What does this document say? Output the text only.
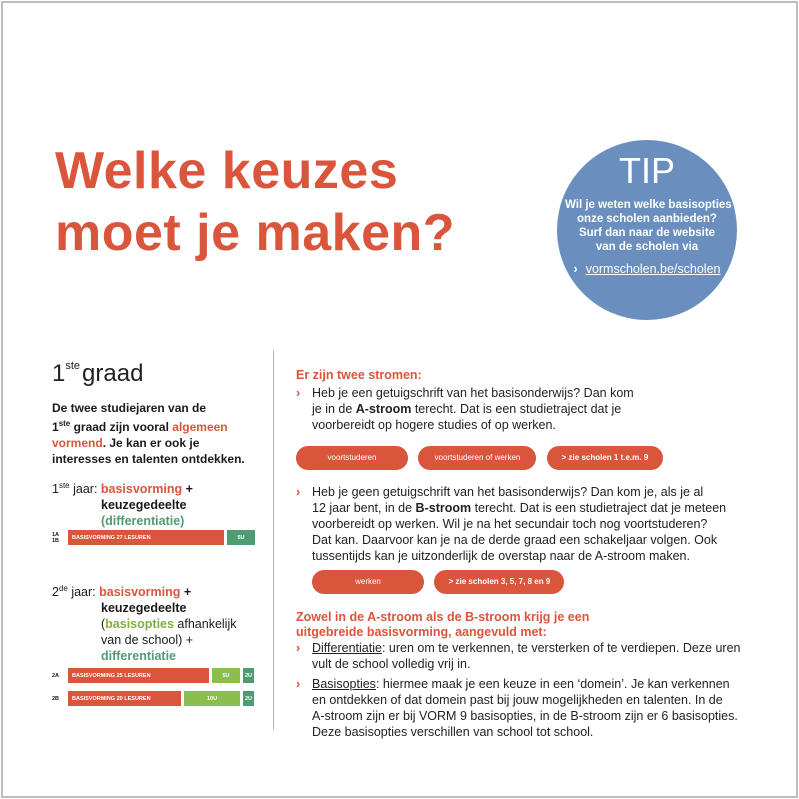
Welke keuzes
moet je maken?
TIP
Wil je weten welke basisopties
onze scholen aanbieden?
Surf dan naar de website
van de scholen via
› vormscholen.be/scholen
1stegraad
De twee studiejaren van de
1ste graad zijn vooral algemeen
vormend. Je kan er ook je
interesses en talenten ontdekken.
1ste jaar: basisvorming +
keuzegedeelte
(differentiatie)
1A
1B	BASISVORMING 27 LESUREN	5U
2de jaar: basisvorming +
keuzegedeelte
(basisopties afhankelijk
van de school) +
differentiatie
2A	BASISVORMING 25 LESUREN	5U	2U
2B	BASISVORMING 20 LESUREN	10U	2U
Er zijn twee stromen:
› Heb je een getuigschrift van het basisonderwijs? Dan kom
je in de A-stroom terecht. Dat is een studietraject dat je
voorbereidt op hogere studies of op werken.
voortstuderen	voortstuderen of werken	> zie scholen 1 t.e.m. 9
› Heb je geen getuigschrift van het basisonderwijs? Dan kom je, als je al
12 jaar bent, in de B-stroom terecht. Dat is een studietraject dat je meteen
voorbereidt op werken. Wil je na het secundair toch nog voortstuderen?
Dat kan. Daarvoor kan je na de derde graad een schakeljaar volgen. Ook
tussentijds kan je uitzonderlijk de overstap naar de A-stroom maken.
werken	> zie scholen 3, 5, 7, 8 en 9
Zowel in de A-stroom als de B-stroom krijg je een
uitgebreide basisvorming, aangevuld met:
› Differentiatie: uren om te verkennen, te versterken of te verdiepen. Deze uren
vult de school volledig vrij in.
› Basisopties: hiermee maak je een keuze in een ‘domein’. Je kan verkennen
en ontdekken of dat domein past bij jouw mogelijkheden en talenten. In de
A-stroom zijn er bij VORM 9 basisopties, in de B-stroom zijn er 6 basisopties.
Deze basisopties verschillen van school tot school.
